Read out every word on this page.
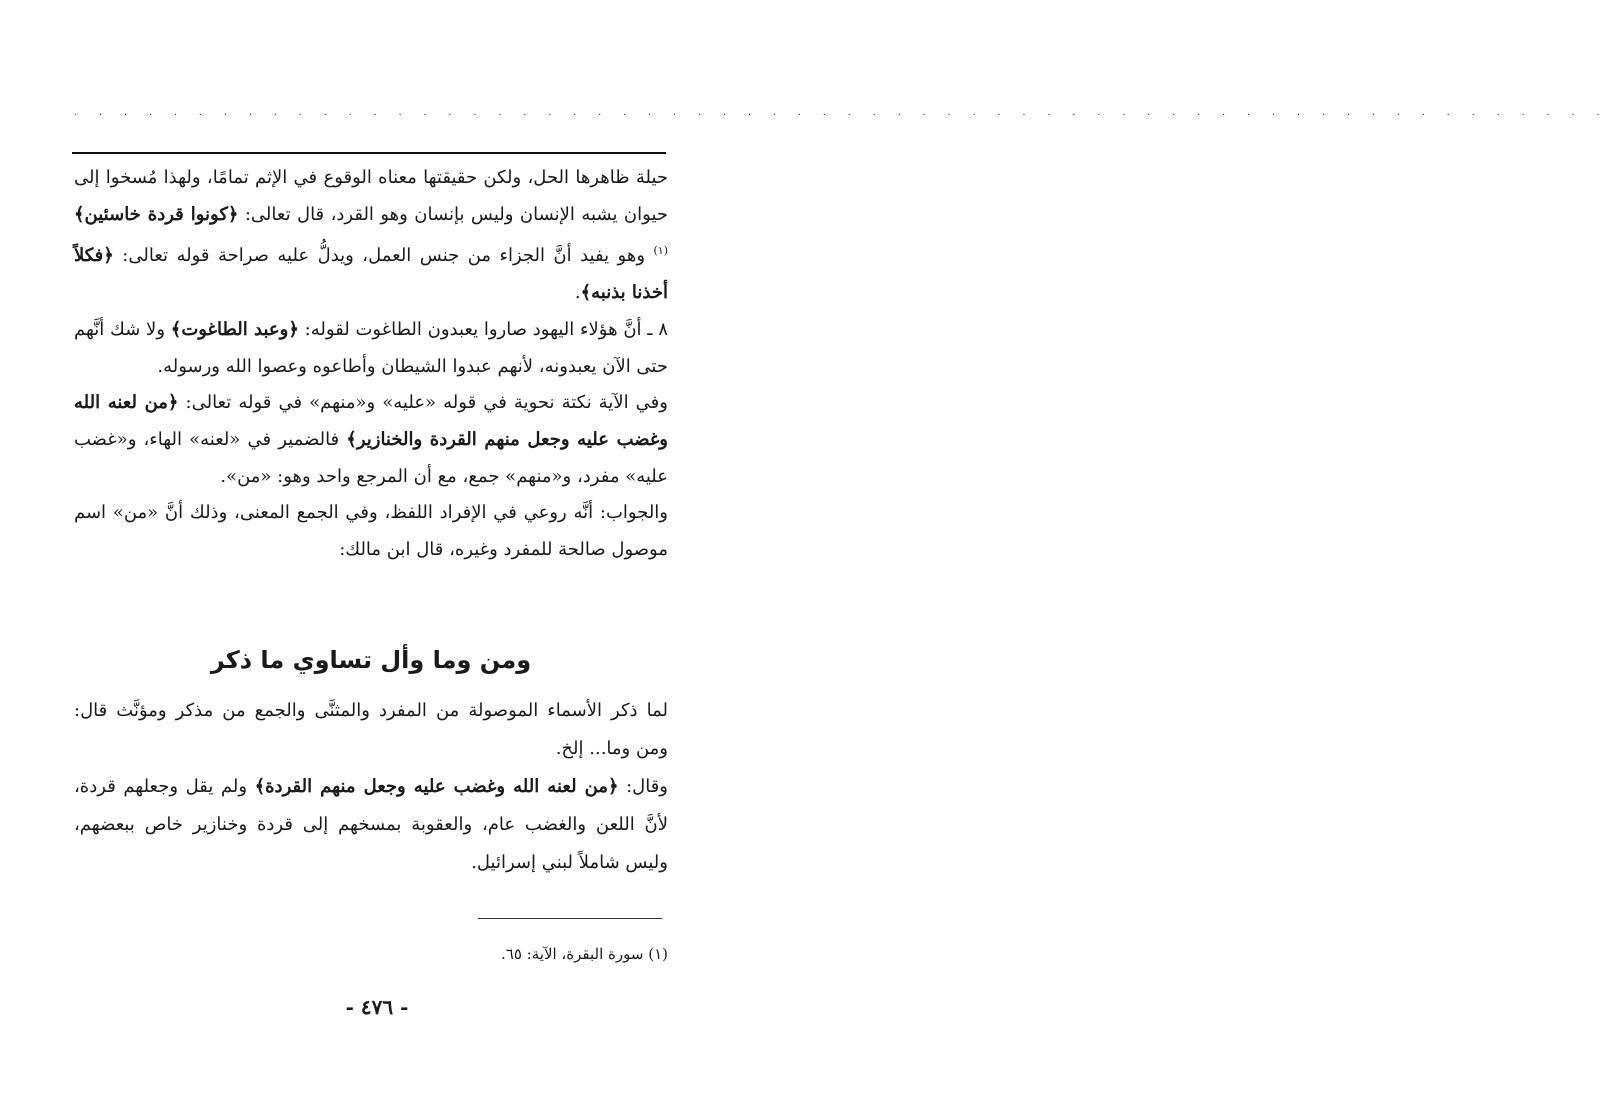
. . . . . . . . . . . . . . . . . . . . . . . . . . . . . . . . . . . . . . . . . . . . . . . . . . . . . . . . . . . . . .

حيلة ظاهرها الحل، ولكن حقيقتها معناه الوقوع في الإثم تمامًا، ولهذا مُسخوا إلى حيوان يشبه الإنسان وليس بإنسان وهو القرد، قال تعالى: ﴿كونوا قردة خاسئين﴾$^{(١)}$ وهو يفيد أنَّ الجزاء من جنس العمل، ويدلُّ عليه صراحة قوله تعالى: ﴿فكلاً أخذنا بذنبه﴾.

٨ ـ أنَّ هؤلاء اليهود صاروا يعبدون الطاغوت لقوله: ﴿وعبد الطاغوت﴾ ولا شك أنَّهم حتى الآن يعبدونه، لأنهم عبدوا الشيطان وأطاعوه وعصوا الله ورسوله.

وفي الآية نكتة نحوية في قوله «عليه» و«منهم» في قوله تعالى: ﴿من لعنه الله وغضب عليه وجعل منهم القردة والخنازير﴾ فالضمير في «لعنه» الهاء، و«غضب عليه» مفرد، و«منهم» جمع، مع أن المرجع واحد وهو: «من».

والجواب: أنَّه روعي في الإفراد اللفظ، وفي الجمع المعنى، وذلك أنَّ «من» اسم موصول صالحة للمفرد وغيره، قال ابن مالك:

ومن وما وأل تساوي ما ذكر

لما ذكر الأسماء الموصولة من المفرد والمثنَّى والجمع من مذكر ومؤنَّث قال: ومن وما... إلخ.

وقال: ﴿من لعنه الله وغضب عليه وجعل منهم القردة﴾ ولم يقل وجعلهم قردة، لأنَّ اللعن والغضب عام، والعقوبة بمسخهم إلى قردة وخنازير خاص ببعضهم، وليس شاملاً لبني إسرائيل.

(١) سورة البقرة، الآية: ٦٥.
- ٤٧٦ -
